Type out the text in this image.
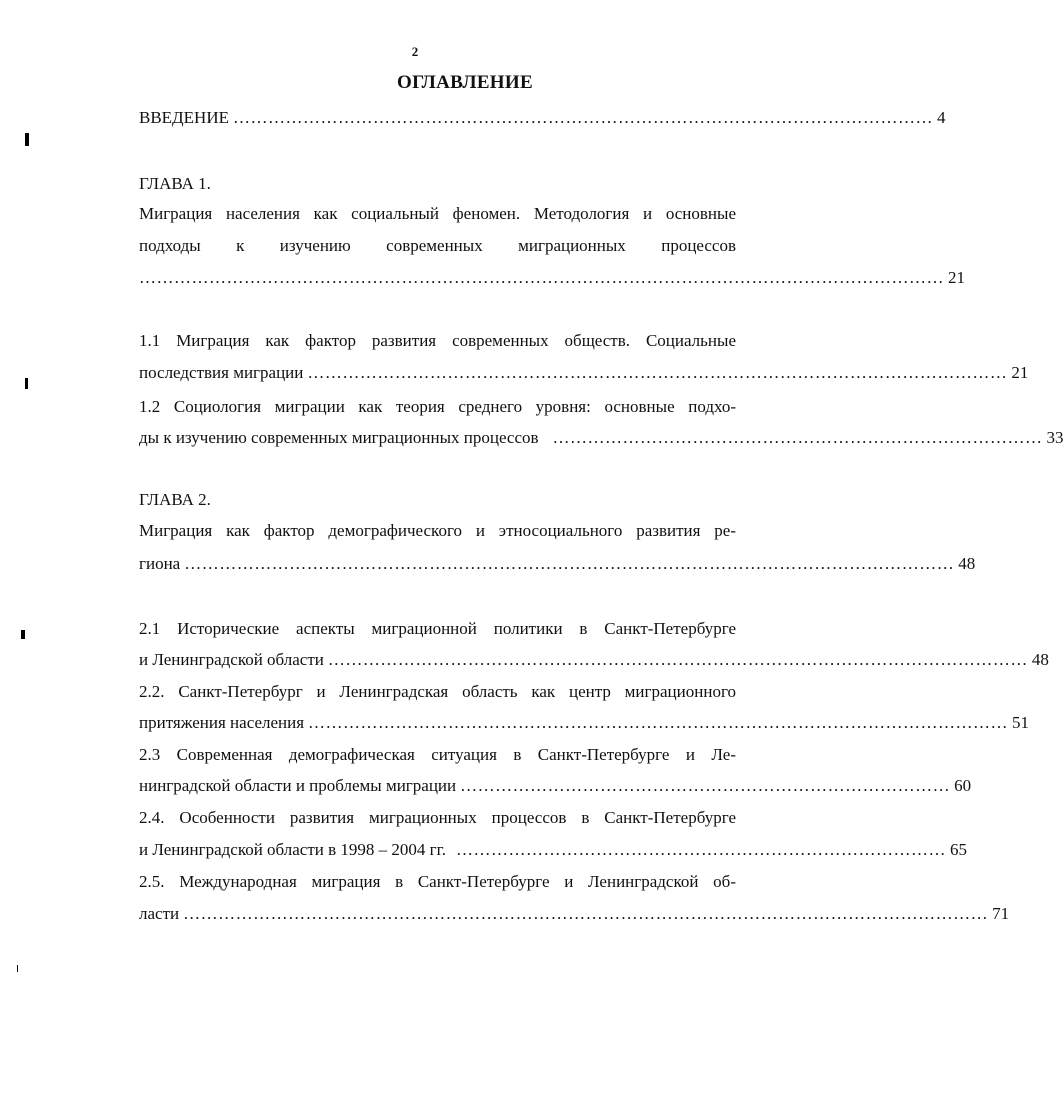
2
ОГЛАВЛЕНИЕ
ВВЕДЕНИЕ ………………………………………………………………………………………………………… 4
ГЛАВА 1.
Миграция населения как социальный феномен. Методология и основные
подходы к изучению современных миграционных процессов
………………………………………………………………………………………………………………………… 21
1.1 Миграция как фактор развития современных обществ. Социальные
последствия миграции ………………………………………………………………………………………………………… 21
1.2 Социология миграции как теория среднего уровня: основные подхо-
ды к изучению современных миграционных процессов ………………………………………………………………………… 33
ГЛАВА 2.
Миграция как фактор демографического и этносоциального развития ре-
гиона …………………………………………………………………………………………………………………… 48
2.1 Исторические аспекты миграционной политики в Санкт-Петербурге
и Ленинградской области ………………………………………………………………………………………………………… 48
2.2. Санкт-Петербург и Ленинградская область как центр миграционного
притяжения населения ………………………………………………………………………………………………………… 51
2.3 Современная демографическая ситуация в Санкт-Петербурге и Ле-
нинградской области и проблемы миграции ………………………………………………………………………… 60
2.4. Особенности развития миграционных процессов в Санкт-Петербурге
и Ленинградской области в 1998 – 2004 гг. ………………………………………………………………………… 65
2.5. Международная миграция в Санкт-Петербурге и Ленинградской об-
ласти ………………………………………………………………………………………………………………………… 71
